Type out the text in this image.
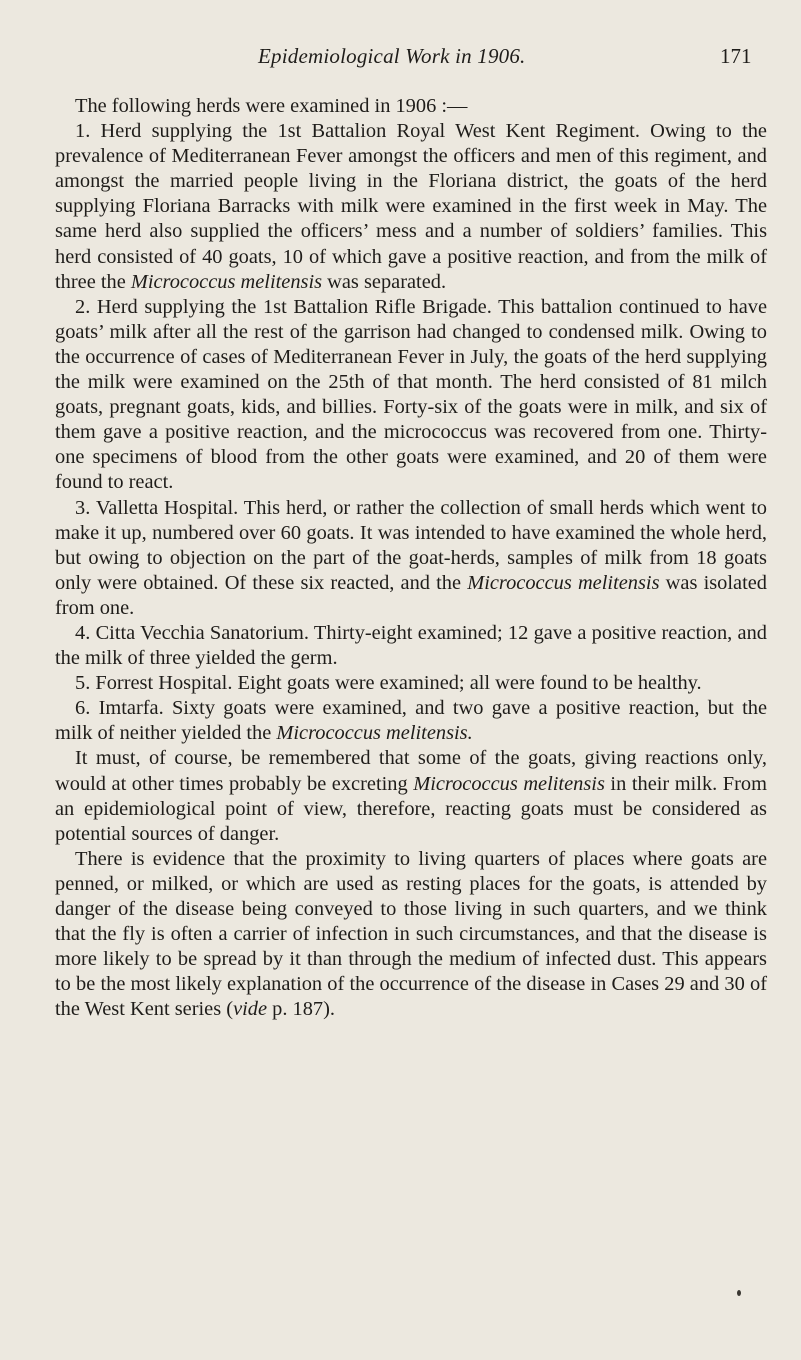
Epidemiological Work in 1906.	171

The following herds were examined in 1906 :—

1. Herd supplying the 1st Battalion Royal West Kent Regiment. Owing to the prevalence of Mediterranean Fever amongst the officers and men of this regiment, and amongst the married people living in the Floriana district, the goats of the herd supplying Floriana Barracks with milk were examined in the first week in May. The same herd also supplied the officers’ mess and a number of soldiers’ families. This herd consisted of 40 goats, 10 of which gave a positive reaction, and from the milk of three the Micrococcus melitensis was separated.

2. Herd supplying the 1st Battalion Rifle Brigade. This battalion continued to have goats’ milk after all the rest of the garrison had changed to condensed milk. Owing to the occurrence of cases of Mediterranean Fever in July, the goats of the herd supplying the milk were examined on the 25th of that month. The herd consisted of 81 milch goats, pregnant goats, kids, and billies. Forty-six of the goats were in milk, and six of them gave a positive reaction, and the micrococcus was recovered from one. Thirty-one specimens of blood from the other goats were examined, and 20 of them were found to react.

3. Valletta Hospital. This herd, or rather the collection of small herds which went to make it up, numbered over 60 goats. It was intended to have examined the whole herd, but owing to objection on the part of the goat-herds, samples of milk from 18 goats only were obtained. Of these six reacted, and the Micrococcus melitensis was isolated from one.

4. Citta Vecchia Sanatorium. Thirty-eight examined; 12 gave a positive reaction, and the milk of three yielded the germ.

5. Forrest Hospital. Eight goats were examined; all were found to be healthy.

6. Imtarfa. Sixty goats were examined, and two gave a positive reaction, but the milk of neither yielded the Micrococcus melitensis.

It must, of course, be remembered that some of the goats, giving reactions only, would at other times probably be excreting Micrococcus melitensis in their milk. From an epidemiological point of view, therefore, reacting goats must be considered as potential sources of danger.

There is evidence that the proximity to living quarters of places where goats are penned, or milked, or which are used as resting places for the goats, is attended by danger of the disease being conveyed to those living in such quarters, and we think that the fly is often a carrier of infection in such circumstances, and that the disease is more likely to be spread by it than through the medium of infected dust. This appears to be the most likely explanation of the occurrence of the disease in Cases 29 and 30 of the West Kent series (vide p. 187).
